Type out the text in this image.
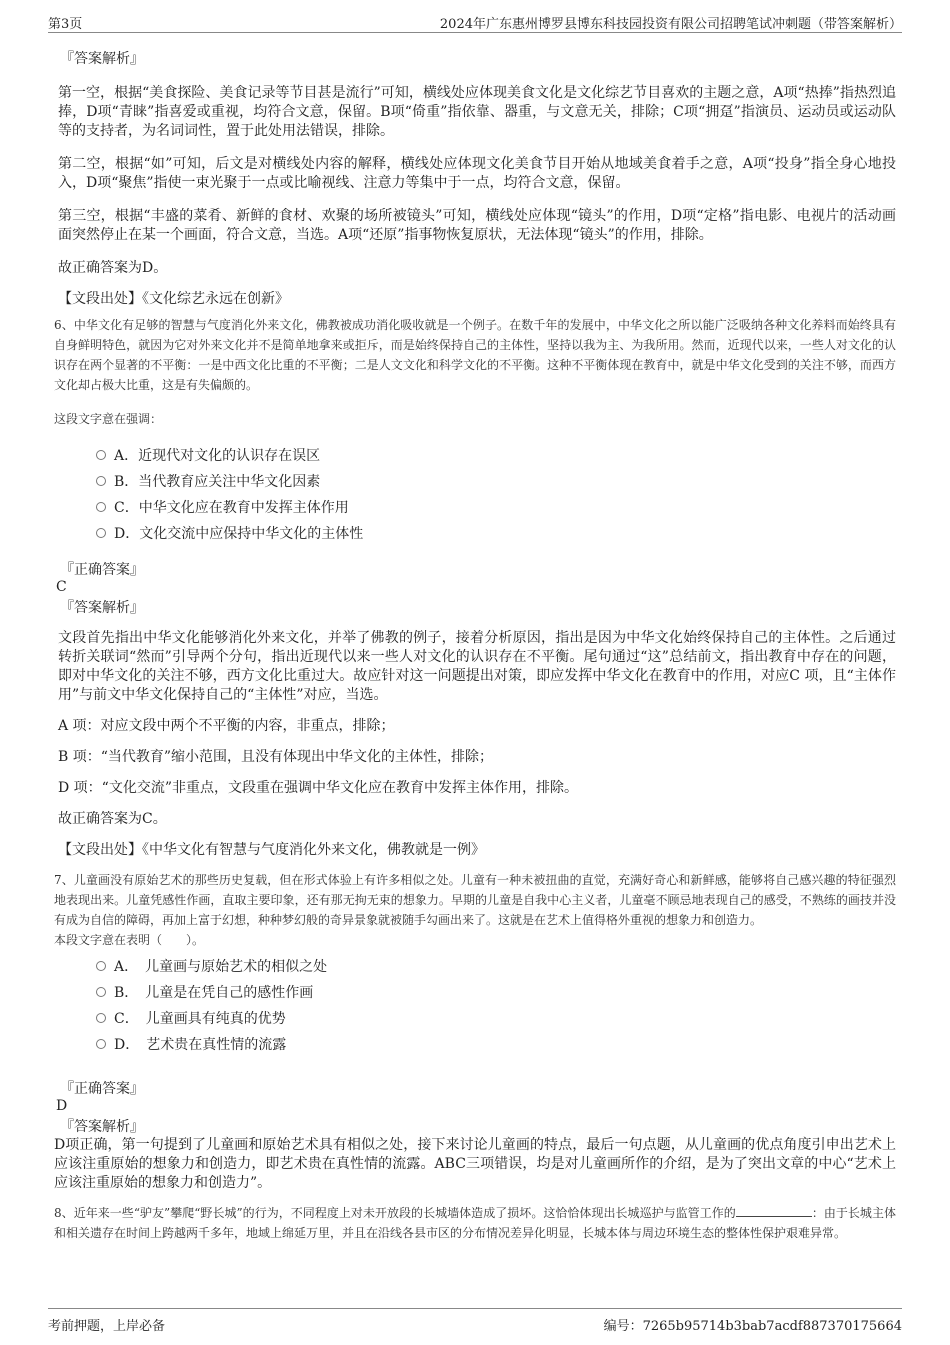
第3页	2024年广东惠州博罗县博东科技园投资有限公司招聘笔试冲刺题（带答案解析）
『答案解析』

第一空，根据“美食探险、美食记录等节目甚是流行”可知，横线处应体现美食文化是文化综艺节目喜欢的主题之意，A项“热捧”指热烈追捧，D项“青睐”指喜爱或重视，均符合文意，保留。B项“倚重”指依靠、器重，与文意无关，排除；C项“拥趸”指演员、运动员或运动队等的支持者，为名词词性，置于此处用法错误，排除。

第二空，根据“如”可知，后文是对横线处内容的解释，横线处应体现文化美食节目开始从地域美食着手之意，A项“投身”指全身心地投入，D项“聚焦”指使一束光聚于一点或比喻视线、注意力等集中于一点，均符合文意，保留。

第三空，根据“丰盛的菜肴、新鲜的食材、欢聚的场所被镜头”可知，横线处应体现“镜头”的作用，D项“定格”指电影、电视片的活动画面突然停止在某一个画面，符合文意，当选。A项“还原”指事物恢复原状，无法体现“镜头”的作用，排除。

故正确答案为D。

【文段出处】《文化综艺永远在创新》

6、中华文化有足够的智慧与气度消化外来文化，佛教被成功消化吸收就是一个例子。在数千年的发展中，中华文化之所以能广泛吸纳各种文化养料而始终具有自身鲜明特色，就因为它对外来文化并不是简单地拿来或拒斥，而是始终保持自己的主体性，坚持以我为主、为我所用。然而，近现代以来，一些人对文化的认识存在两个显著的不平衡：一是中西文化比重的不平衡；二是人文文化和科学文化的不平衡。这种不平衡体现在教育中，就是中华文化受到的关注不够，而西方文化却占极大比重，这是有失偏颇的。

这段文字意在强调：

A．近现代对文化的认识存在误区
B．当代教育应关注中华文化因素
C．中华文化应在教育中发挥主体作用
D．文化交流中应保持中华文化的主体性
『正确答案』
C
『答案解析』

文段首先指出中华文化能够消化外来文化，并举了佛教的例子，接着分析原因，指出是因为中华文化始终保持自己的主体性。之后通过转折关联词“然而”引导两个分句，指出近现代以来一些人对文化的认识存在不平衡。尾句通过“这”总结前文，指出教育中存在的问题，即对中华文化的关注不够，西方文化比重过大。故应针对这一问题提出对策，即应发挥中华文化在教育中的作用，对应C 项，且“主体作用”与前文中华文化保持自己的“主体性”对应，当选。

A 项：对应文段中两个不平衡的内容，非重点，排除；

B 项：“当代教育”缩小范围，且没有体现出中华文化的主体性，排除；

D 项：“文化交流”非重点，文段重在强调中华文化应在教育中发挥主体作用，排除。

故正确答案为C。

【文段出处】《中华文化有智慧与气度消化外来文化，佛教就是一例》

7、儿童画没有原始艺术的那些历史复载，但在形式体验上有许多相似之处。儿童有一种未被扭曲的直觉，充满好奇心和新鲜感，能够将自己感兴趣的特征强烈地表现出来。儿童凭感性作画，直取主要印象，还有那无拘无束的想象力。早期的儿童是自我中心主义者，儿童毫不顾忌地表现自己的感受，不熟练的画技并没有成为自信的障碍，再加上富于幻想，种种梦幻般的奇异景象就被随手勾画出来了。这就是在艺术上值得格外重视的想象力和创造力。

本段文字意在表明（　　）。

A．　儿童画与原始艺术的相似之处
B．　儿童是在凭自己的感性作画
C．　儿童画具有纯真的优势
D．　艺术贵在真性情的流露
『正确答案』
D
『答案解析』

D项正确，第一句提到了儿童画和原始艺术具有相似之处，接下来讨论儿童画的特点，最后一句点题，从儿童画的优点角度引申出艺术上应该注重原始的想象力和创造力，即艺术贵在真性情的流露。ABC三项错误，均是对儿童画所作的介绍，是为了突出文章的中心“艺术上应该注重原始的想象力和创造力”。

8、近年来一些“驴友”攀爬“野长城”的行为，不同程度上对未开放段的长城墙体造成了损坏。这恰恰体现出长城巡护与监管工作的	：由于长城主体和相关遗存在时间上跨越两千多年，地域上绵延万里，并且在沿线各县市区的分布情况差异化明显，长城本体与周边环境生态的整体性保护艰难异常。

考前押题，上岸必备	编号：7265b95714b3bab7acdf887370175664
